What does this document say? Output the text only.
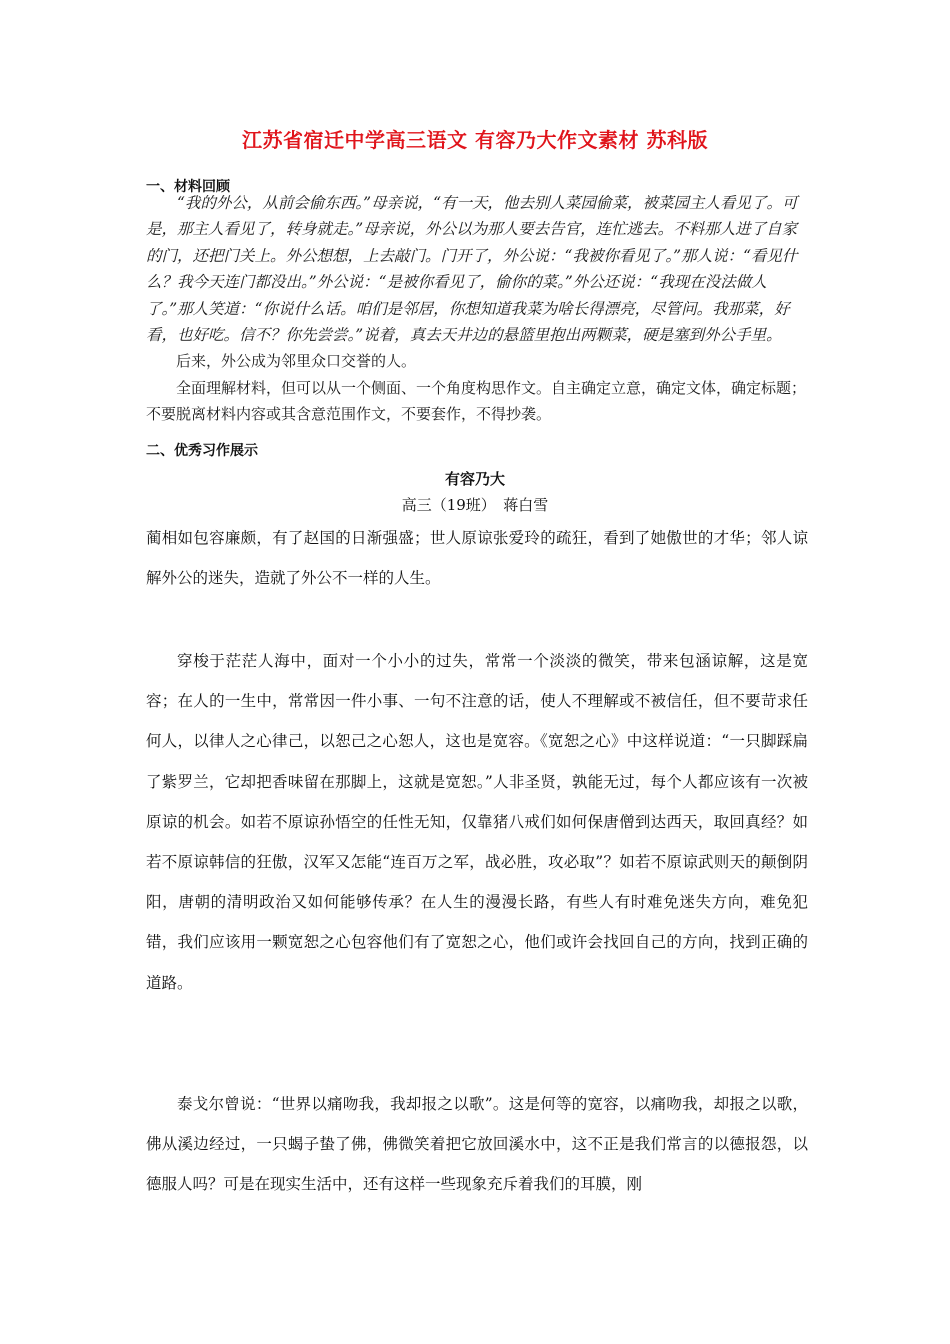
江苏省宿迁中学高三语文 有容乃大作文素材 苏科版
一、材料回顾

“我的外公，从前会偷东西。”母亲说，“有一天，他去别人菜园偷菜，被菜园主人看见了。可是，那主人看见了，转身就走。”母亲说，外公以为那人要去告官，连忙逃去。不料那人进了自家的门，还把门关上。外公想想，上去敲门。门开了，外公说：“我被你看见了。”那人说：“看见什么？我今天连门都没出。”外公说：“是被你看见了，偷你的菜。”外公还说：“我现在没法做人了。”那人笑道：“你说什么话。咱们是邻居，你想知道我菜为啥长得漂亮，尽管问。我那菜，好看，也好吃。信不？你先尝尝。”说着，真去天井边的悬篮里抱出两颗菜，硬是塞到外公手里。

后来，外公成为邻里众口交誉的人。

全面理解材料，但可以从一个侧面、一个角度构思作文。自主确定立意，确定文体，确定标题；不要脱离材料内容或其含意范围作文，不要套作，不得抄袭。

二、优秀习作展示
有容乃大
高三（19班）　蒋白雪

蔺相如包容廉颇，有了赵国的日渐强盛；世人原谅张爱玲的疏狂，看到了她傲世的才华；邻人谅解外公的迷失，造就了外公不一样的人生。

穿梭于茫茫人海中，面对一个小小的过失，常常一个淡淡的微笑，带来包涵谅解，这是宽容；在人的一生中，常常因一件小事、一句不注意的话，使人不理解或不被信任，但不要苛求任何人，以律人之心律己，以恕己之心恕人，这也是宽容。《宽恕之心》中这样说道：“一只脚踩扁了紫罗兰，它却把香味留在那脚上，这就是宽恕。”人非圣贤，孰能无过，每个人都应该有一次被原谅的机会。如若不原谅孙悟空的任性无知，仅靠猪八戒们如何保唐僧到达西天，取回真经？如若不原谅韩信的狂傲，汉军又怎能“连百万之军，战必胜，攻必取”？如若不原谅武则天的颠倒阴阳，唐朝的清明政治又如何能够传承？在人生的漫漫长路，有些人有时难免迷失方向，难免犯错，我们应该用一颗宽恕之心包容他们有了宽恕之心，他们或许会找回自己的方向，找到正确的道路。

泰戈尔曾说：“世界以痛吻我，我却报之以歌”。这是何等的宽容，以痛吻我，却报之以歌，佛从溪边经过，一只蝎子蛰了佛，佛微笑着把它放回溪水中，这不正是我们常言的以德报怨，以德服人吗？可是在现实生活中，还有这样一些现象充斥着我们的耳膜，刚
